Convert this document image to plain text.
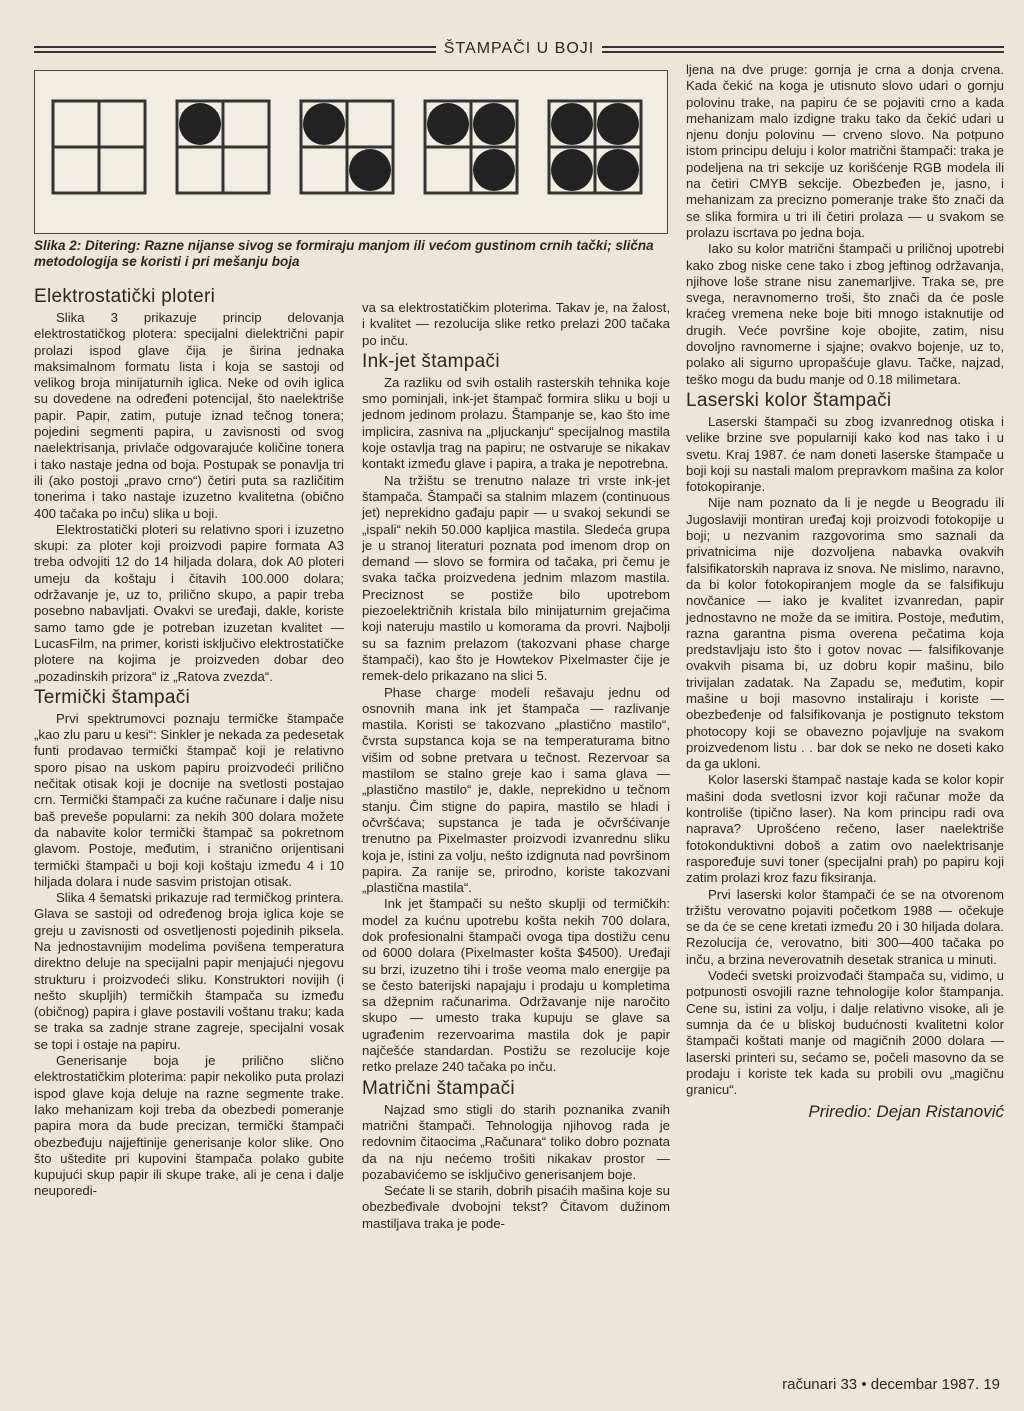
ŠTAMPAČI U BOJI
Slika 2: Ditering: Razne nijanse sivog se formiraju manjom ili većom gustinom crnih tački; slična metodologija se koristi i pri mešanju boja
Elektrostatički ploteri

Slika 3 prikazuje princip delovanja elektrostatičkog plotera: specijalni dielektrični papir prolazi ispod glave čija je širina jednaka maksimalnom formatu lista i koja se sastoji od velikog broja minijaturnih iglica. Neke od ovih iglica su dovedene na određeni potencijal, što naelektriše papir. Papir, zatim, putuje iznad tečnog tonera; pojedini segmenti papira, u zavisnosti od svog naelektrisanja, privlače odgovarajuće količine tonera i tako nastaje jedna od boja. Postupak se ponavlja tri ili (ako postoji „pravo crno“) četiri puta sa različitim tonerima i tako nastaje izuzetno kvalitetna (obično 400 tačaka po inču) slika u boji.

Elektrostatički ploteri su relativno spori i izuzetno skupi: za ploter koji proizvodi papire formata A3 treba odvojiti 12 do 14 hiljada dolara, dok A0 ploteri umeju da koštaju i čitavih 100.000 dolara; održavanje je, uz to, prilično skupo, a papir treba posebno nabavljati. Ovakvi se uređaji, dakle, koriste samo tamo gde je potreban izuzetan kvalitet — LucasFilm, na primer, koristi isključivo elektrostatičke plotere na kojima je proizveden dobar deo „pozadinskih prizora“ iz „Ratova zvezda“.

Termički štampači

Prvi spektrumovci poznaju termičke štampače „kao zlu paru u kesi“: Sinkler je nekada za pedesetak funti prodavao termički štampač koji je relativno sporo pisao na uskom papiru proizvodeći prilično nečitak otisak koji je docnije na svetlosti postajao crn. Termički štampači za kućne računare i dalje nisu baš preveše popularni: za nekih 300 dolara možete da nabavite kolor termički štampač sa pokretnom glavom. Postoje, međutim, i stranično orijentisani termički štampači u boji koji koštaju između 4 i 10 hiljada dolara i nude sasvim pristojan otisak.

Slika 4 šematski prikazuje rad termičkog printera. Glava se sastoji od određenog broja iglica koje se greju u zavisnosti od osvetljenosti pojedinih piksela. Na jednostavnijim modelima povišena temperatura direktno deluje na specijalni papir menjajući njegovu strukturu i proizvodeći sliku. Konstruktori novijih (i nešto skupljih) termičkih štampača su između (običnog) papira i glave postavili voštanu traku; kada se traka sa zadnje strane zagreje, specijalni vosak se topi i ostaje na papiru.

Generisanje boja je prilično slično elektrostatičkim ploterima: papir nekoliko puta prolazi ispod glave koja deluje na razne segmente trake. Iako mehanizam koji treba da obezbedi pomeranje papira mora da bude precizan, termički štampači obezbeđuju najjeftinije generisanje kolor slike. Ono što uštedite pri kupovini štampača polako gubite kupujući skup papir ili skupe trake, ali je cena i dalje neuporedi-

va sa elektrostatičkim ploterima. Takav je, na žalost, i kvalitet — rezolucija slike retko prelazi 200 tačaka po inču.

Ink-jet štampači

Za razliku od svih ostalih rasterskih tehnika koje smo pominjali, ink-jet štampač formira sliku u boji u jednom jedinom prolazu. Štampanje se, kao što ime implicira, zasniva na „pljuckanju“ specijalnog mastila koje ostavlja trag na papiru; ne ostvaruje se nikakav kontakt između glave i papira, a traka je nepotrebna.

Na tržištu se trenutno nalaze tri vrste ink-jet štampača. Štampači sa stalnim mlazem (continuous jet) neprekidno gađaju papir — u svakoj sekundi se „ispali“ nekih 50.000 kapljica mastila. Sledeća grupa je u stranoj literaturi poznata pod imenom drop on demand — slovo se formira od tačaka, pri čemu je svaka tačka proizvedena jednim mlazom mastila. Preciznost se postiže bilo upotrebom piezoelektričnih kristala bilo minijaturnim grejačima koji nateruju mastilo u komorama da provri. Najbolji su sa faznim prelazom (takozvani phase charge štampači), kao što je Howtekov Pixelmaster čije je remek-delo prikazano na slici 5.

Phase charge modeli rešavaju jednu od osnovnih mana ink jet štampača — razlivanje mastila. Koristi se takozvano „plastično mastilo“, čvrsta supstanca koja se na temperaturama bitno višim od sobne pretvara u tečnost. Rezervoar sa mastilom se stalno greje kao i sama glava — „plastično mastilo“ je, dakle, neprekidno u tečnom stanju. Čim stigne do papira, mastilo se hladi i očvršćava; supstanca je tada je očvršćivanje trenutno pa Pixelmaster proizvodi izvanrednu sliku koja je, istini za volju, nešto izdignuta nad površinom papira. Za ranije se, prirodno, koriste takozvani „plastična mastila“.

Ink jet štampači su nešto skuplji od termičkih: model za kućnu upotrebu košta nekih 700 dolara, dok profesionalni štampači ovoga tipa dostižu cenu od 6000 dolara (Pixelmaster košta $4500). Uređaji su brzi, izuzetno tihi i troše veoma malo energije pa se često baterijski napajaju i prodaju u kompletima sa džepnim računarima. Održavanje nije naročito skupo — umesto traka kupuju se glave sa ugrađenim rezervoarima mastila dok je papir najčešće standardan. Postižu se rezolucije koje retko prelaze 240 tačaka po inču.

Matrični štampači

Najzad smo stigli do starih poznanika zvanih matrični štampači. Tehnologija njihovog rada je redovnim čitaocima „Računara“ toliko dobro poznata da na nju nećemo trošiti nikakav prostor — pozabavićemo se isključivo generisanjem boje.

Sećate li se starih, dobrih pisaćih mašina koje su obezbeđivale dvobojni tekst? Čitavom dužinom mastiljava traka je pode-

ljena na dve pruge: gornja je crna a donja crvena. Kada čekić na koga je utisnuto slovo udari o gornju polovinu trake, na papiru će se pojaviti crno a kada mehanizam malo izdigne traku tako da čekić udari u njenu donju polovinu — crveno slovo. Na potpuno istom principu deluju i kolor matrični štampači: traka je podeljena na tri sekcije uz korišćenje RGB modela ili na četiri CMYB sekcije. Obezbeđen je, jasno, i mehanizam za precizno pomeranje trake što znači da se slika formira u tri ili četiri prolaza — u svakom se prolazu iscrtava po jedna boja.

Iako su kolor matrični štampači u priličnoj upotrebi kako zbog niske cene tako i zbog jeftinog održavanja, njihove loše strane nisu zanemarljive. Traka se, pre svega, neravnomerno troši, što znači da će posle kraćeg vremena neke boje biti mnogo istaknutije od drugih. Veće površine koje obojite, zatim, nisu dovoljno ravnomerne i sjajne; ovakvo bojenje, uz to, polako ali sigurno upropašćuje glavu. Tačke, najzad, teško mogu da budu manje od 0.18 milimetara.

Laserski kolor štampači

Laserski štampači su zbog izvanrednog otiska i velike brzine sve popularniji kako kod nas tako i u svetu. Kraj 1987. će nam doneti laserske štampače u boji koji su nastali malom prepravkom mašina za kolor fotokopiranje.

Nije nam poznato da li je negde u Beogradu ili Jugoslaviji montiran uređaj koji proizvodi fotokopije u boji; u nezvanim razgovorima smo saznali da privatnicima nije dozvoljena nabavka ovakvih falsifikatorskih naprava iz snova. Ne mislimo, naravno, da bi kolor fotokopiranjem mogle da se falsifikuju novčanice — iako je kvalitet izvanredan, papir jednostavno ne može da se imitira. Postoje, međutim, razna garantna pisma overena pečatima koja predstavljaju isto što i gotov novac — falsifikovanje ovakvih pisama bi, uz dobru kopir mašinu, bilo trivijalan zadatak. Na Zapadu se, međutim, kopir mašine u boji masovno instaliraju i koriste — obezbeđenje od falsifikovanja je postignuto tekstom photocopy koji se obavezno pojavljuje na svakom proizvedenom listu . . bar dok se neko ne doseti kako da ga ukloni.

Kolor laserski štampač nastaje kada se kolor kopir mašini doda svetlosni izvor koji računar može da kontroliše (tipično laser). Na kom principu radi ova naprava? Uprošćeno rečeno, laser naelektriše fotokonduktivni doboš a zatim ovo naelektrisanje raspoređuje suvi toner (specijalni prah) po papiru koji zatim prolazi kroz fazu fiksiranja.

Prvi laserski kolor štampači će se na otvorenom tržištu verovatno pojaviti početkom 1988 — očekuje se da će se cene kretati između 20 i 30 hiljada dolara. Rezolucija će, verovatno, biti 300—400 tačaka po inču, a brzina neverovatnih desetak stranica u minuti.

Vodeći svetski proizvođači štampača su, vidimo, u potpunosti osvojili razne tehnologije kolor štampanja. Cene su, istini za volju, i dalje relativno visoke, ali je sumnja da će u bliskoj budućnosti kvalitetni kolor štampači koštati manje od magičnih 2000 dolara — laserski printeri su, sećamo se, počeli masovno da se prodaju i koriste tek kada su probili ovu „magičnu granicu“.

Priredio: Dejan Ristanović
računari 33 • decembar 1987. 19
